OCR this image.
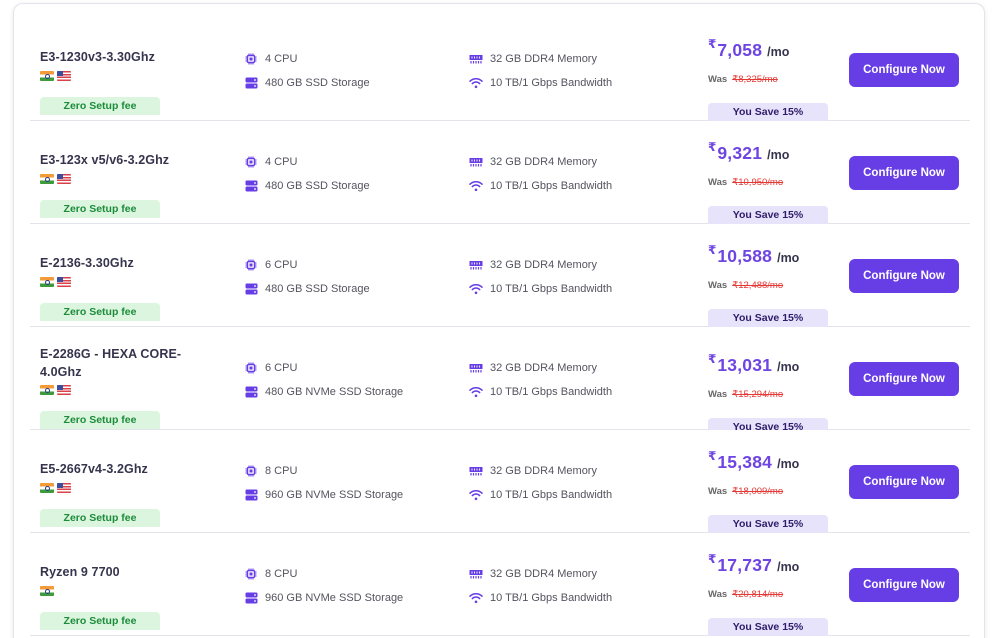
E3-1230v3-3.30Ghz
Zero Setup fee
4 CPU
480 GB SSD Storage
32 GB DDR4 Memory
10 TB/1 Gbps Bandwidth
₹ 7,058 /mo
Was ₹8,325/mo
You Save 15%
Configure Now
E3-123x v5/v6-3.2Ghz
Zero Setup fee
4 CPU
480 GB SSD Storage
32 GB DDR4 Memory
10 TB/1 Gbps Bandwidth
₹ 9,321 /mo
Was ₹10,950/mo
You Save 15%
Configure Now
E-2136-3.30Ghz
Zero Setup fee
6 CPU
480 GB SSD Storage
32 GB DDR4 Memory
10 TB/1 Gbps Bandwidth
₹ 10,588 /mo
Was ₹12,488/mo
You Save 15%
Configure Now
E-2286G - HEXA CORE-4.0Ghz
Zero Setup fee
6 CPU
480 GB NVMe SSD Storage
32 GB DDR4 Memory
10 TB/1 Gbps Bandwidth
₹ 13,031 /mo
Was ₹15,294/mo
You Save 15%
Configure Now
E5-2667v4-3.2Ghz
Zero Setup fee
8 CPU
960 GB NVMe SSD Storage
32 GB DDR4 Memory
10 TB/1 Gbps Bandwidth
₹ 15,384 /mo
Was ₹18,009/mo
You Save 15%
Configure Now
Ryzen 9 7700
Zero Setup fee
8 CPU
960 GB NVMe SSD Storage
32 GB DDR4 Memory
10 TB/1 Gbps Bandwidth
₹ 17,737 /mo
Was ₹20,814/mo
You Save 15%
Configure Now
